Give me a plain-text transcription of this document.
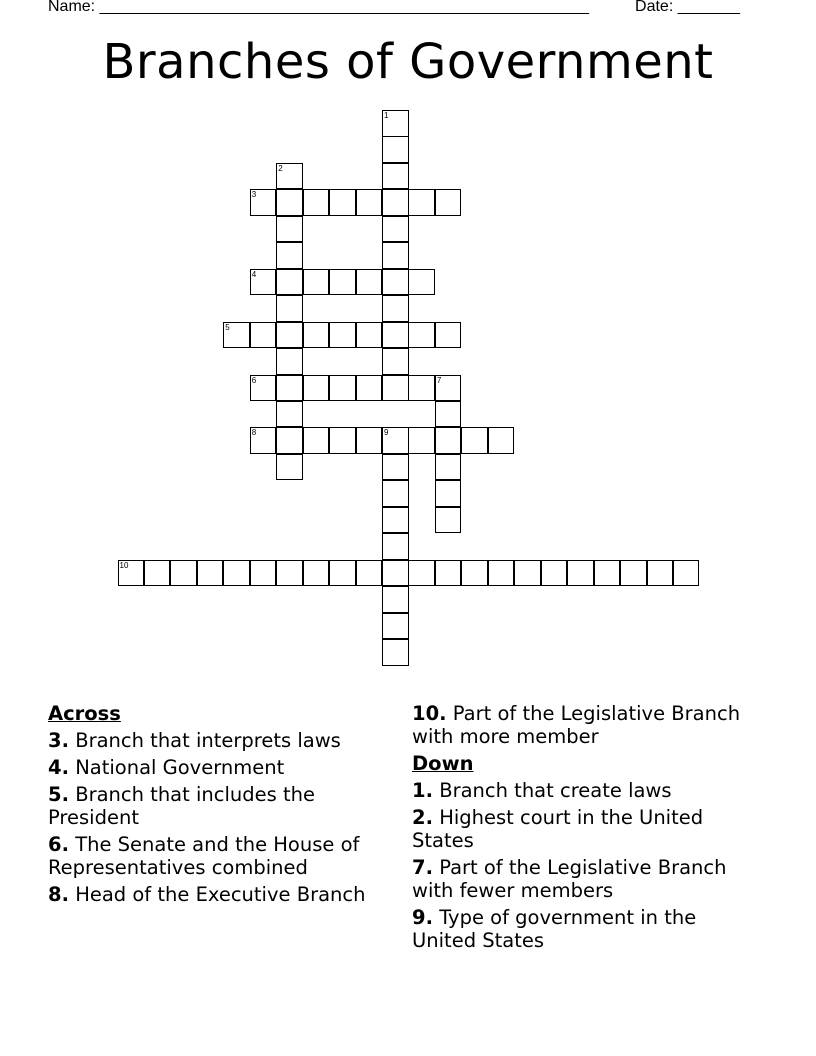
Name: _______________________________________________________	Date: _______
Branches of Government
1
2
3
4
5
6	7
8	9
10
Across
3. Branch that interprets laws
4. National Government
5. Branch that includes the President
6. The Senate and the House of Representatives combined
8. Head of the Executive Branch
10. Part of the Legislative Branch with more member
Down
1. Branch that create laws
2. Highest court in the United States
7. Part of the Legislative Branch with fewer members
9. Type of government in the United States
